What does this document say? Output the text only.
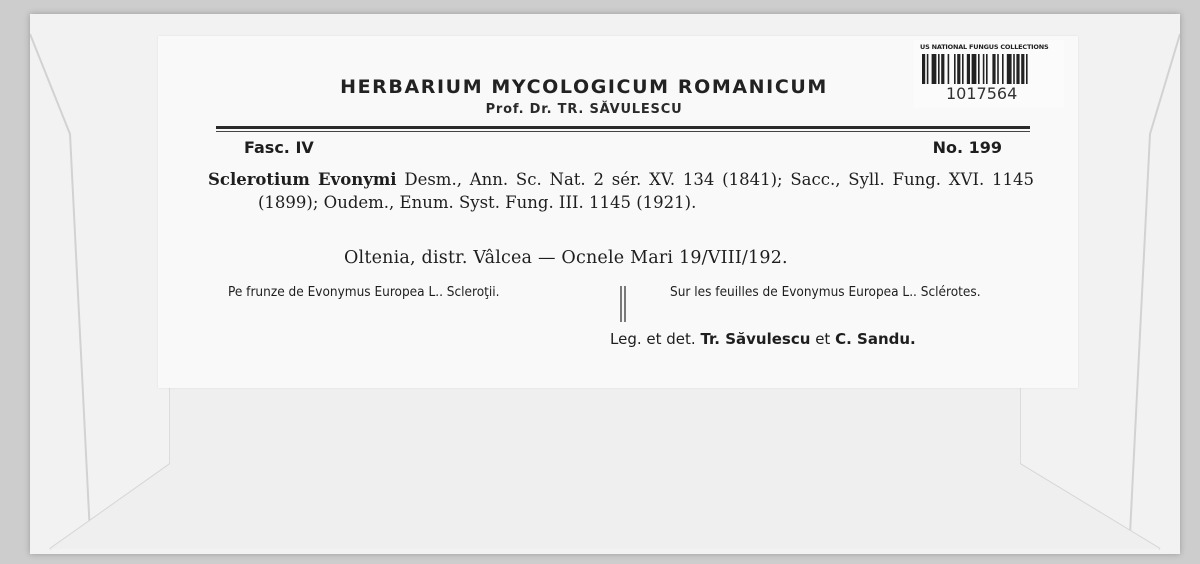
HERBARIUM MYCOLOGICUM ROMANICUM
Prof. Dr. TR. SĂVULESCU
Fasc. IV	No. 199
Sclerotium Evonymi Desm., Ann. Sc. Nat. 2 sér. XV. 134 (1841); Sacc., Syll. Fung. XVI. 1145 (1899); Oudem., Enum. Syst. Fung. III. 1145 (1921).
Oltenia, distr. Vâlcea — Ocnele Mari 19/VIII/192.
Pe frunze de Evonymus Europea L.. Scleroţii.	Sur les feuilles de Evonymus Europea L.. Sclérotes.
Leg. et det. Tr. Săvulescu et C. Sandu.
US NATIONAL FUNGUS COLLECTIONS
1017564
